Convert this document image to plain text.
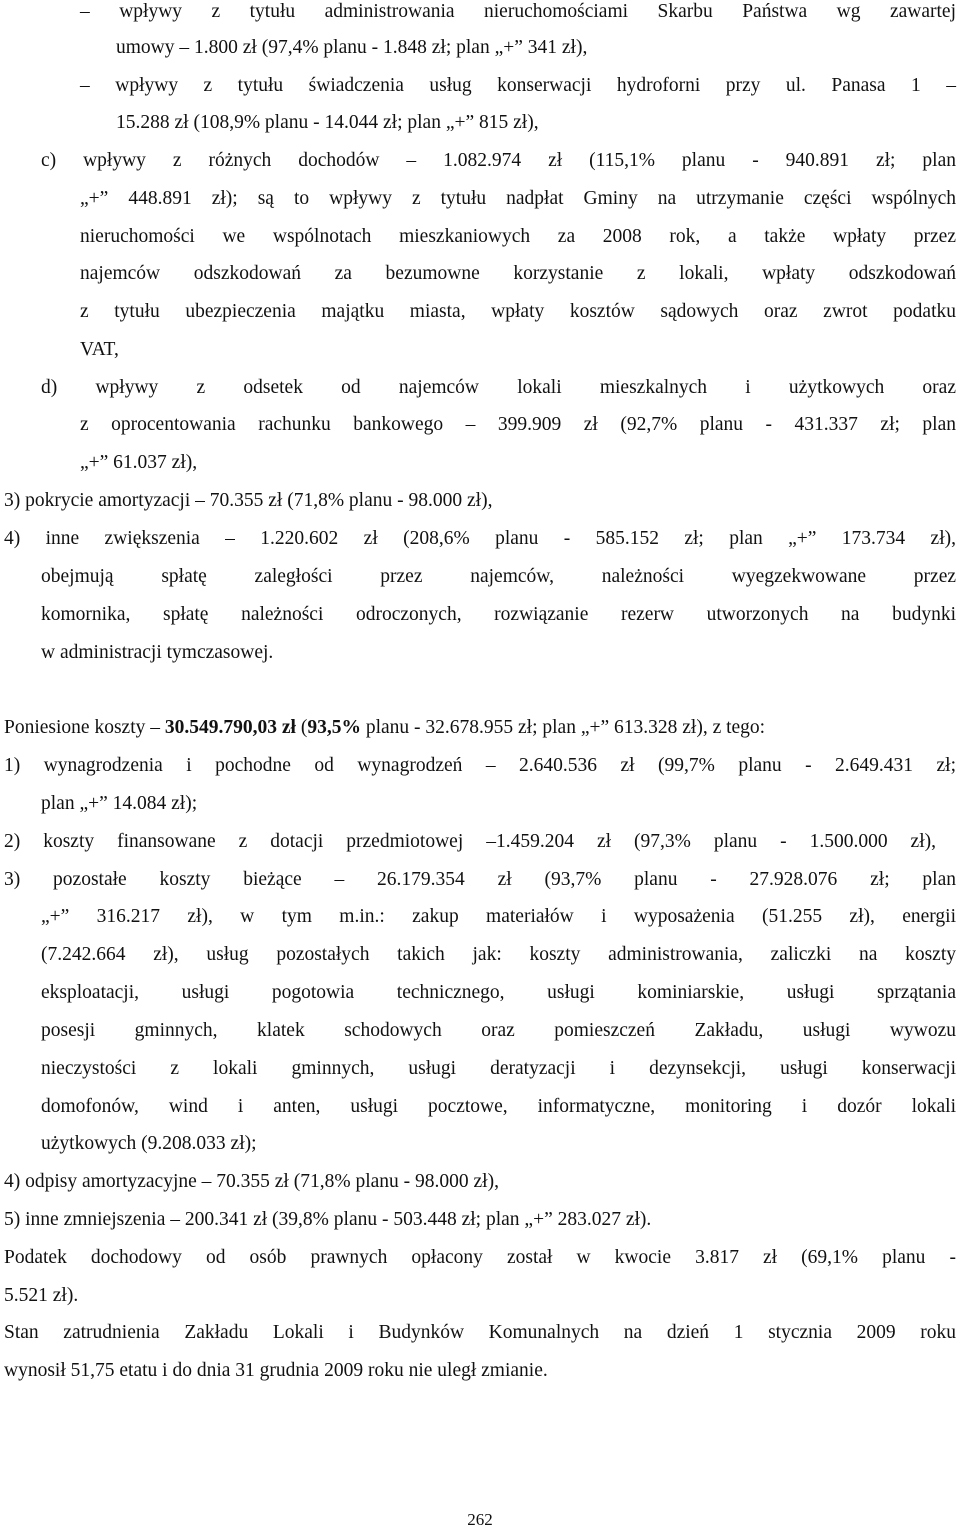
– wpływy z tytułu administrowania nieruchomościami Skarbu Państwa wg zawartej
umowy – 1.800 zł (97,4% planu - 1.848 zł; plan „+” 341 zł),
– wpływy z tytułu świadczenia usług konserwacji hydroforni przy ul. Panasa 1 –
15.288 zł (108,9% planu - 14.044 zł; plan „+” 815 zł),
c) wpływy z różnych dochodów – 1.082.974 zł (115,1% planu - 940.891 zł; plan
„+” 448.891 zł); są to wpływy z tytułu nadpłat Gminy na utrzymanie części wspólnych
nieruchomości we wspólnotach mieszkaniowych za 2008 rok, a także wpłaty przez
najemców odszkodowań za bezumowne korzystanie z lokali, wpłaty odszkodowań
z tytułu ubezpieczenia majątku miasta, wpłaty kosztów sądowych oraz zwrot podatku
VAT,
d) wpływy z odsetek od najemców lokali mieszkalnych i użytkowych oraz
z oprocentowania rachunku bankowego – 399.909 zł (92,7% planu - 431.337 zł; plan
„+” 61.037 zł),
3) pokrycie amortyzacji – 70.355 zł (71,8% planu - 98.000 zł),
4) inne zwiększenia – 1.220.602 zł (208,6% planu - 585.152 zł; plan „+” 173.734 zł),
obejmują spłatę zaległości przez najemców, należności wyegzekwowane przez
komornika, spłatę należności odroczonych, rozwiązanie rezerw utworzonych na budynki
w administracji tymczasowej.
Poniesione koszty – 30.549.790,03 zł (93,5% planu - 32.678.955 zł; plan „+” 613.328 zł), z tego:
1) wynagrodzenia i pochodne od wynagrodzeń – 2.640.536 zł (99,7% planu - 2.649.431 zł;
plan „+” 14.084 zł);
2) koszty finansowane z dotacji przedmiotowej –1.459.204 zł (97,3% planu - 1.500.000 zł),
3) pozostałe koszty bieżące – 26.179.354 zł (93,7% planu - 27.928.076 zł; plan
„+” 316.217 zł), w tym m.in.: zakup materiałów i wyposażenia (51.255 zł), energii
(7.242.664 zł), usług pozostałych takich jak: koszty administrowania, zaliczki na koszty
eksploatacji, usługi pogotowia technicznego, usługi kominiarskie, usługi sprzątania
posesji gminnych, klatek schodowych oraz pomieszczeń Zakładu, usługi wywozu
nieczystości z lokali gminnych, usługi deratyzacji i dezynsekcji, usługi konserwacji
domofonów, wind i anten, usługi pocztowe, informatyczne, monitoring i dozór lokali
użytkowych (9.208.033 zł);
4) odpisy amortyzacyjne – 70.355 zł (71,8% planu - 98.000 zł),
5) inne zmniejszenia – 200.341 zł (39,8% planu - 503.448 zł; plan „+” 283.027 zł).
Podatek dochodowy od osób prawnych opłacony został w kwocie 3.817 zł (69,1% planu -
5.521 zł).
Stan zatrudnienia Zakładu Lokali i Budynków Komunalnych na dzień 1 stycznia 2009 roku
wynosił 51,75 etatu i do dnia 31 grudnia 2009 roku nie uległ zmianie.
262
